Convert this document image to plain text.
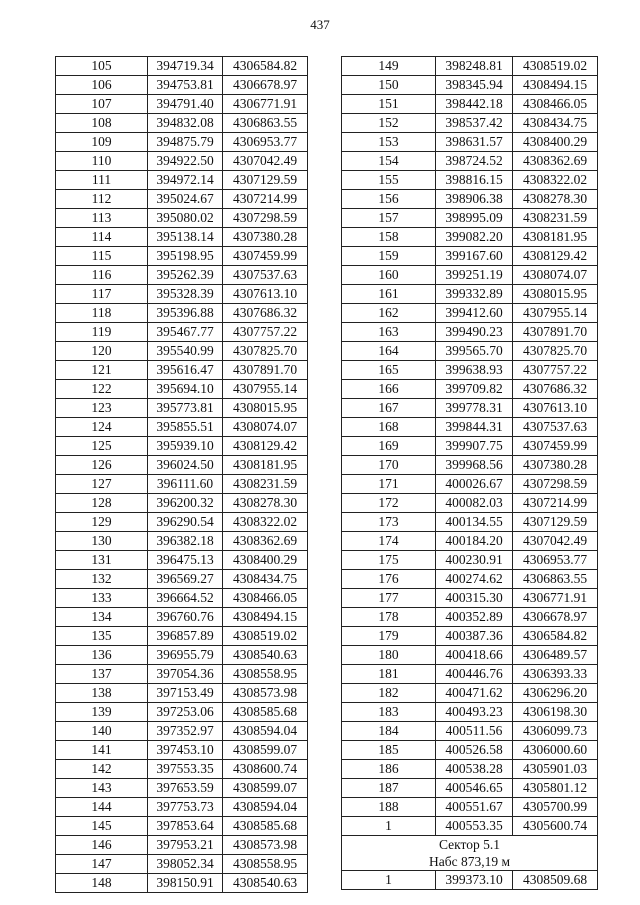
437
105	394719.34	4306584.82
106	394753.81	4306678.97
107	394791.40	4306771.91
108	394832.08	4306863.55
109	394875.79	4306953.77
110	394922.50	4307042.49
111	394972.14	4307129.59
112	395024.67	4307214.99
113	395080.02	4307298.59
114	395138.14	4307380.28
115	395198.95	4307459.99
116	395262.39	4307537.63
117	395328.39	4307613.10
118	395396.88	4307686.32
119	395467.77	4307757.22
120	395540.99	4307825.70
121	395616.47	4307891.70
122	395694.10	4307955.14
123	395773.81	4308015.95
124	395855.51	4308074.07
125	395939.10	4308129.42
126	396024.50	4308181.95
127	396111.60	4308231.59
128	396200.32	4308278.30
129	396290.54	4308322.02
130	396382.18	4308362.69
131	396475.13	4308400.29
132	396569.27	4308434.75
133	396664.52	4308466.05
134	396760.76	4308494.15
135	396857.89	4308519.02
136	396955.79	4308540.63
137	397054.36	4308558.95
138	397153.49	4308573.98
139	397253.06	4308585.68
140	397352.97	4308594.04
141	397453.10	4308599.07
142	397553.35	4308600.74
143	397653.59	4308599.07
144	397753.73	4308594.04
145	397853.64	4308585.68
146	397953.21	4308573.98
147	398052.34	4308558.95
148	398150.91	4308540.63
149	398248.81	4308519.02
150	398345.94	4308494.15
151	398442.18	4308466.05
152	398537.42	4308434.75
153	398631.57	4308400.29
154	398724.52	4308362.69
155	398816.15	4308322.02
156	398906.38	4308278.30
157	398995.09	4308231.59
158	399082.20	4308181.95
159	399167.60	4308129.42
160	399251.19	4308074.07
161	399332.89	4308015.95
162	399412.60	4307955.14
163	399490.23	4307891.70
164	399565.70	4307825.70
165	399638.93	4307757.22
166	399709.82	4307686.32
167	399778.31	4307613.10
168	399844.31	4307537.63
169	399907.75	4307459.99
170	399968.56	4307380.28
171	400026.67	4307298.59
172	400082.03	4307214.99
173	400134.55	4307129.59
174	400184.20	4307042.49
175	400230.91	4306953.77
176	400274.62	4306863.55
177	400315.30	4306771.91
178	400352.89	4306678.97
179	400387.36	4306584.82
180	400418.66	4306489.57
181	400446.76	4306393.33
182	400471.62	4306296.20
183	400493.23	4306198.30
184	400511.56	4306099.73
185	400526.58	4306000.60
186	400538.28	4305901.03
187	400546.65	4305801.12
188	400551.67	4305700.99
1	400553.35	4305600.74

Сектор 5.1
Набс 873,19 м		

1	399373.10	4308509.68
